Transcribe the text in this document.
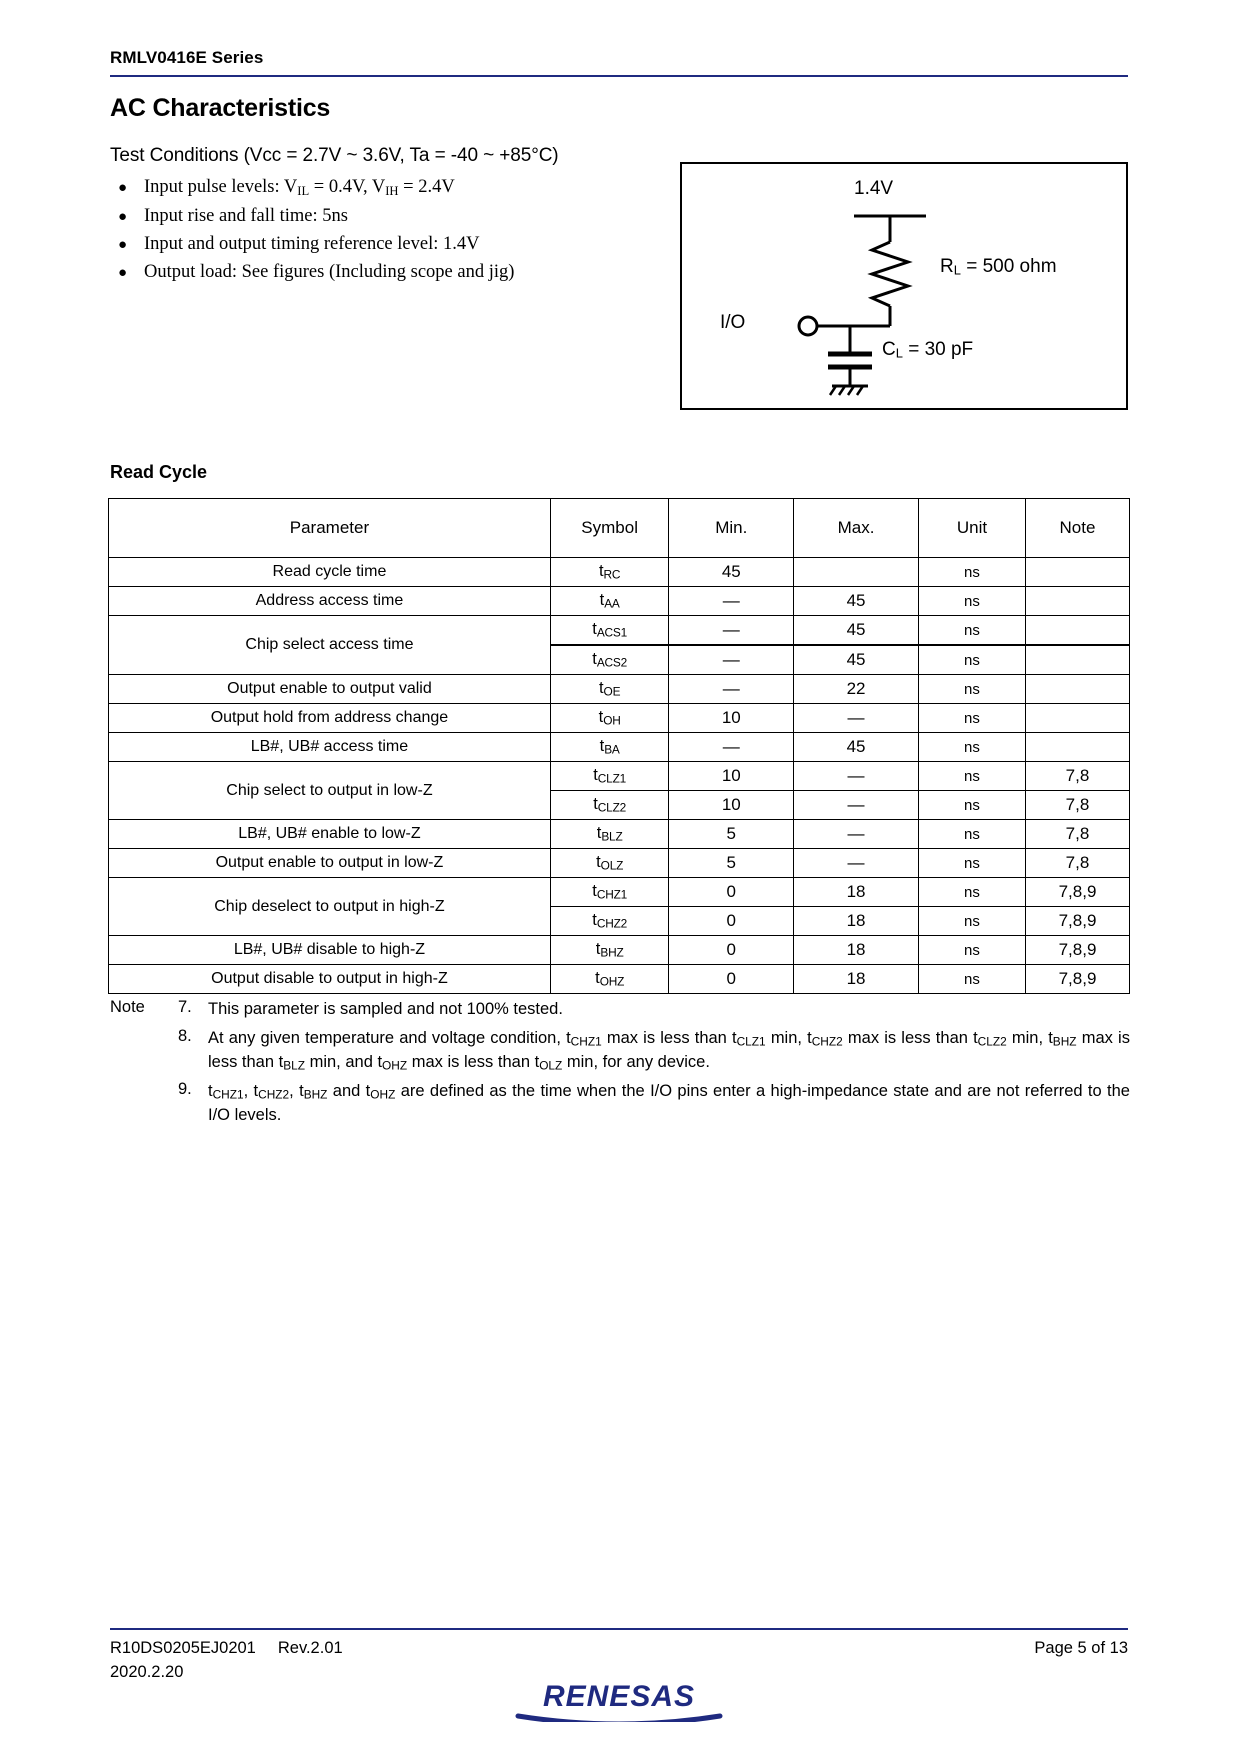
RMLV0416E Series
AC Characteristics
Test Conditions (Vcc = 2.7V ~ 3.6V, Ta = -40 ~ +85°C)
● Input pulse levels: $V_{IL} = 0.4V$, $V_{IH} = 2.4V$
● Input rise and fall time: 5ns
● Input and output timing reference level: 1.4V
● Output load: See figures (Including scope and jig)
1.4V
$R_L = 500$ ohm
I/O
$C_L = 30$ pF
Read Cycle
Parameter	Symbol	Min.	Max.	Unit	Note
Read cycle time	$t_{RC}$	45		ns	
Address access time	$t_{AA}$	—	45	ns	
Chip select access time	$t_{ACS1}$	—	45	ns	
	$t_{ACS2}$	—	45	ns	
Output enable to output valid	$t_{OE}$	—	22	ns	
Output hold from address change	$t_{OH}$	10	—	ns	
LB#, UB# access time	$t_{BA}$	—	45	ns	
Chip select to output in low-Z	$t_{CLZ1}$	10	—	ns	7,8
	$t_{CLZ2}$	10	—	ns	7,8
LB#, UB# enable to low-Z	$t_{BLZ}$	5	—	ns	7,8
Output enable to output in low-Z	$t_{OLZ}$	5	—	ns	7,8
Chip deselect to output in high-Z	$t_{CHZ1}$	0	18	ns	7,8,9
	$t_{CHZ2}$	0	18	ns	7,8,9
LB#, UB# disable to high-Z	$t_{BHZ}$	0	18	ns	7,8,9
Output disable to output in high-Z	$t_{OHZ}$	0	18	ns	7,8,9
Note	7. This parameter is sampled and not 100% tested.
8. At any given temperature and voltage condition, $t_{CHZ1}$ max is less than $t_{CLZ1}$ min, $t_{CHZ2}$ max is less than $t_{CLZ2}$ min, $t_{BHZ}$ max is less than $t_{BLZ}$ min, and $t_{OHZ}$ max is less than $t_{OLZ}$ min, for any device.
9. $t_{CHZ1}$, $t_{CHZ2}$, $t_{BHZ}$ and $t_{OHZ}$ are defined as the time when the I/O pins enter a high-impedance state and are not referred to the I/O levels.
R10DS0205EJ0201 Rev.2.01
2020.2.20
Page 5 of 13
RENESAS
